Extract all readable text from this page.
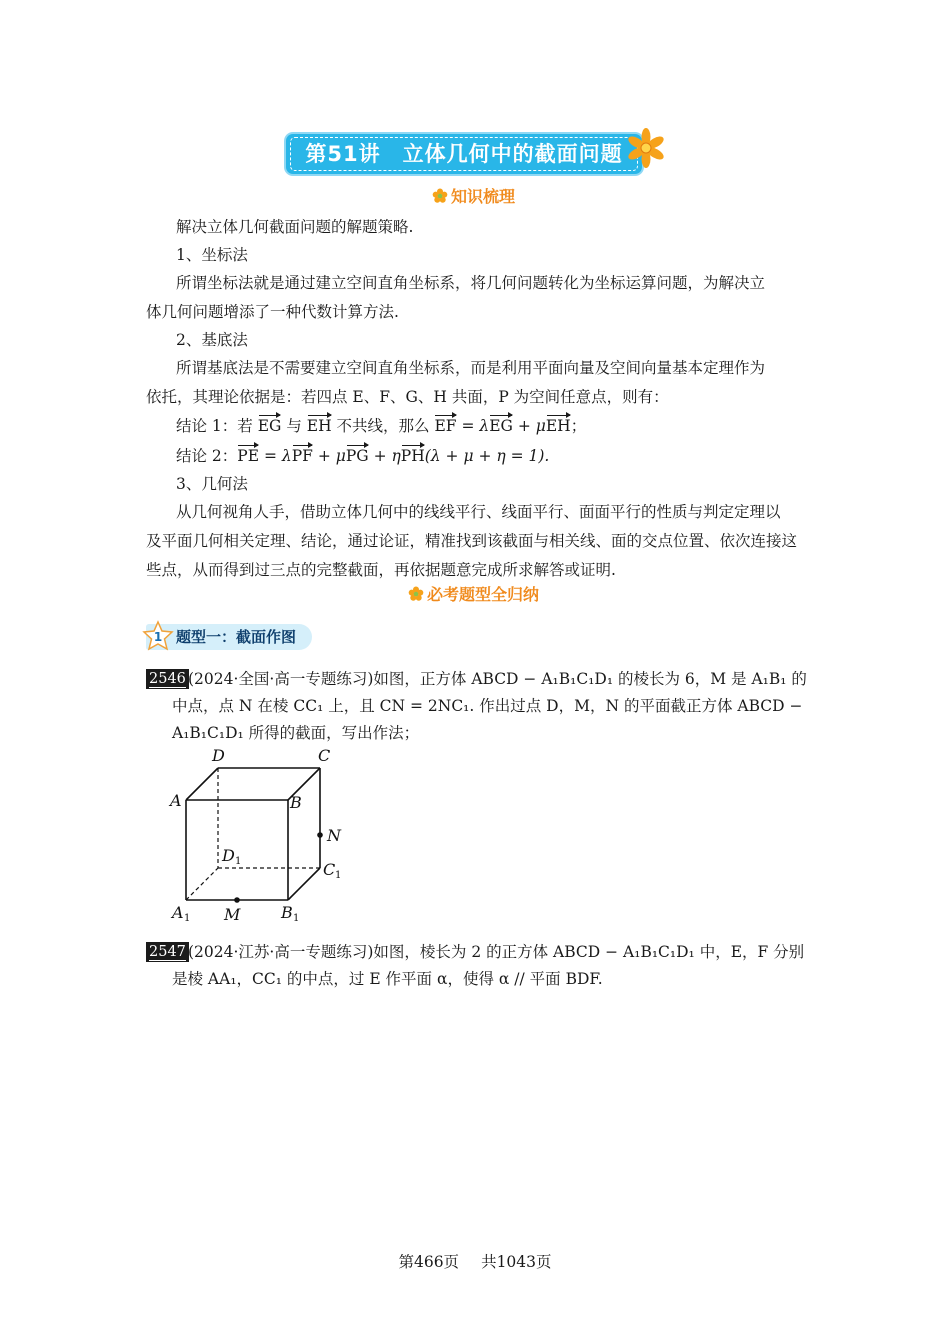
第51讲　立体几何中的截面问题
知识梳理
解决立体几何截面问题的解题策略.
1、坐标法
所谓坐标法就是通过建立空间直角坐标系，将几何问题转化为坐标运算问题，为解决立
体几何问题增添了一种代数计算方法.
2、基底法
所谓基底法是不需要建立空间直角坐标系，而是利用平面向量及空间向量基本定理作为
依托，其理论依据是：若四点 E、F、G、H 共面，P 为空间任意点，则有：
结论 1：若 EG 与 EH 不共线，那么 EF = λEG + μEH；
结论 2：PE = λPF + μPG + ηPH(λ + μ + η = 1).
3、几何法
从几何视角人手，借助立体几何中的线线平行、线面平行、面面平行的性质与判定定理以
及平面几何相关定理、结论，通过论证，精准找到该截面与相关线、面的交点位置、依次连接这
些点，从而得到过三点的完整截面，再依据题意完成所求解答或证明.
必考题型全归纳
1 题型一：截面作图
2546 (2024·全国·高一专题练习)如图，正方体 ABCD − A₁B₁C₁D₁ 的棱长为 6，M 是 A₁B₁ 的
中点，点 N 在棱 CC₁ 上，且 CN = 2NC₁. 作出过点 D，M，N 的平面截正方体 ABCD −
A₁B₁C₁D₁ 所得的截面，写出作法；
D	C
A	B
N
D
C
A	M	B
1
1
1	1
2547 (2024·江苏·高一专题练习)如图，棱长为 2 的正方体 ABCD − A₁B₁C₁D₁ 中，E，F 分别
是棱 AA₁，CC₁ 的中点，过 E 作平面 α，使得 α // 平面 BDF.
第466页 共1043页
